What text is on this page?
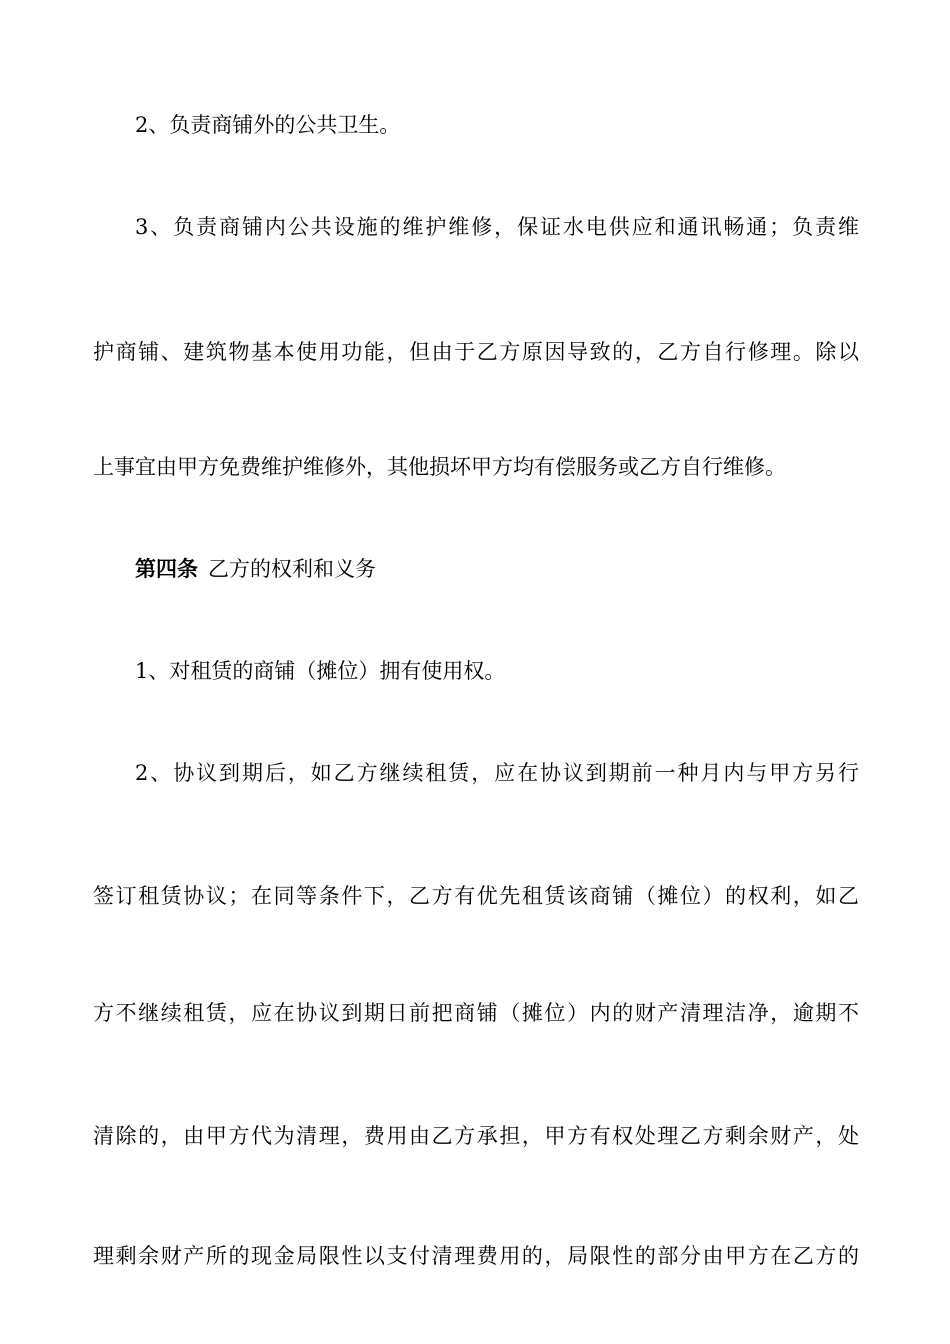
2、负责商铺外的公共卫生。
3、负责商铺内公共设施的维护维修，保证水电供应和通讯畅通；负责维
护商铺、建筑物基本使用功能，但由于乙方原因导致的，乙方自行修理。除以
上事宜由甲方免费维护维修外，其他损坏甲方均有偿服务或乙方自行维修。
第四条 乙方的权利和义务
1、对租赁的商铺（摊位）拥有使用权。
2、协议到期后，如乙方继续租赁，应在协议到期前一种月内与甲方另行
签订租赁协议；在同等条件下，乙方有优先租赁该商铺（摊位）的权利，如乙
方不继续租赁，应在协议到期日前把商铺（摊位）内的财产清理洁净，逾期不
清除的，由甲方代为清理，费用由乙方承担，甲方有权处理乙方剩余财产，处
理剩余财产所的现金局限性以支付清理费用的，局限性的部分由甲方在乙方的
